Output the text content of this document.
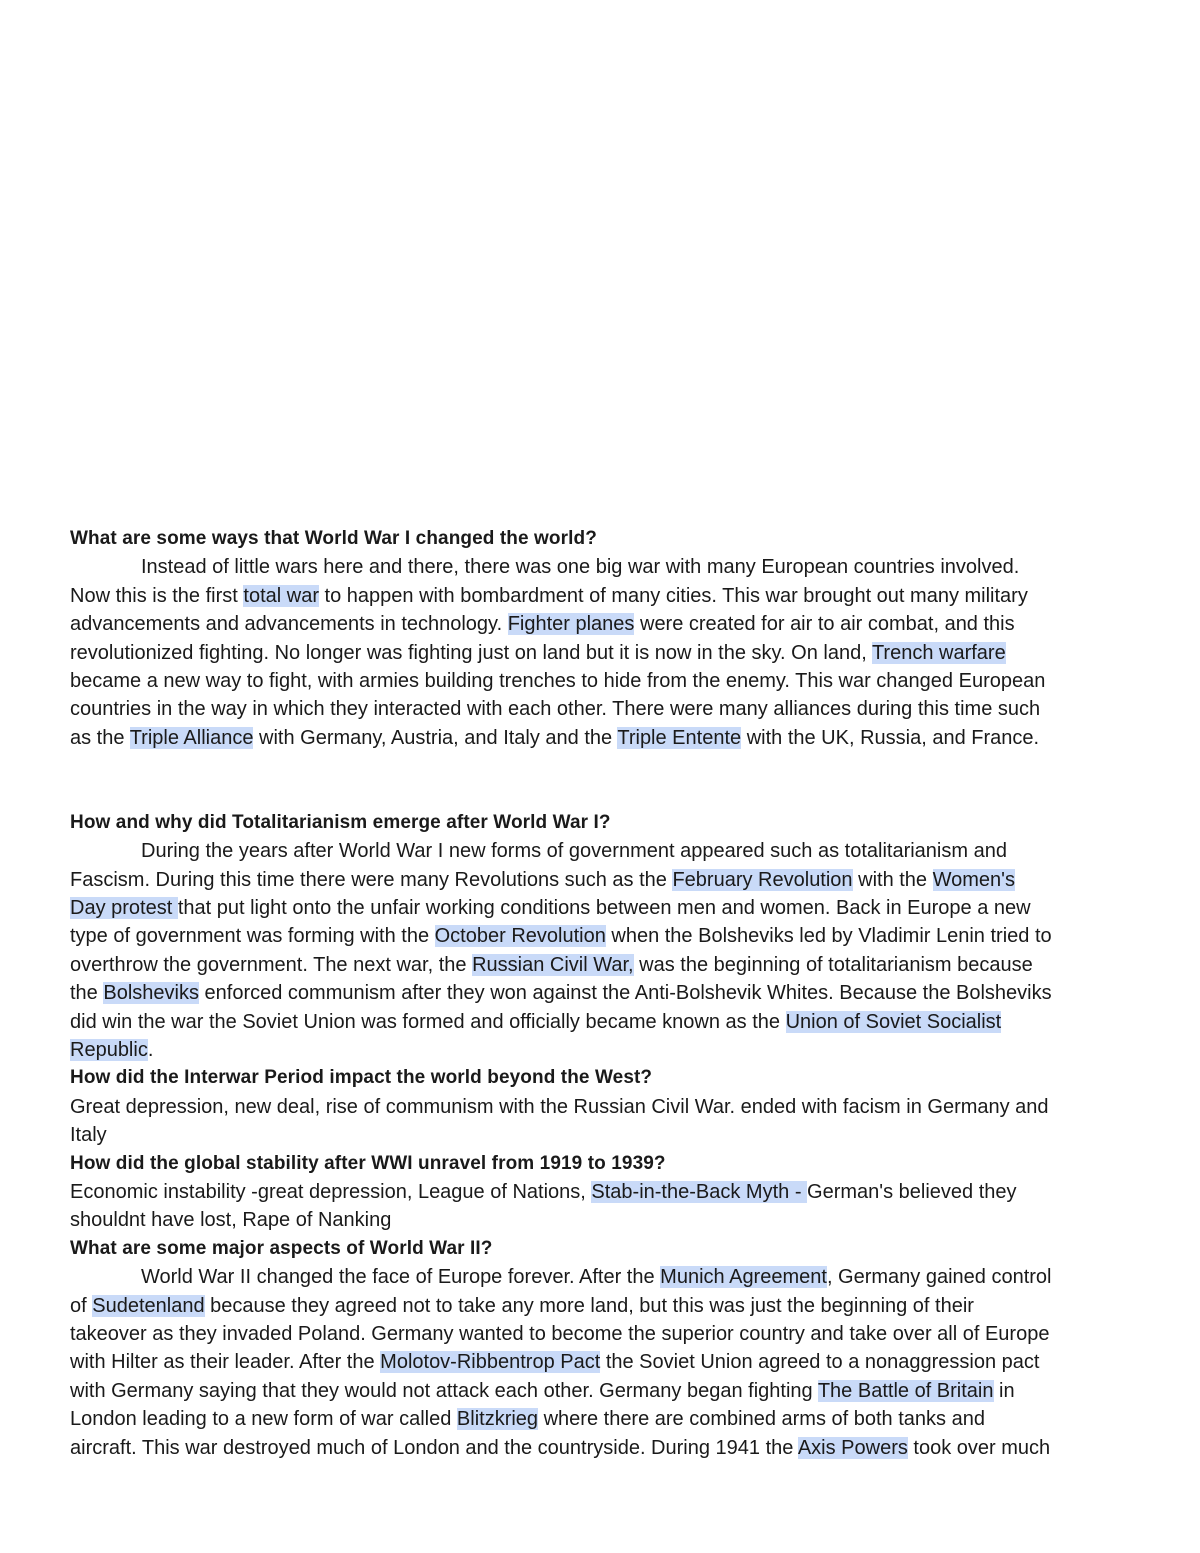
What are some ways that World War I changed the world?
Instead of little wars here and there, there was one big war with many European countries involved.
Now this is the first total war to happen with bombardment of many cities. This war brought out many military
advancements and advancements in technology. Fighter planes were created for air to air combat, and this
revolutionized fighting. No longer was fighting just on land but it is now in the sky. On land, Trench warfare
became a new way to fight, with armies building trenches to hide from the enemy. This war changed European
countries in the way in which they interacted with each other. There were many alliances during this time such
as the Triple Alliance with Germany, Austria, and Italy and the Triple Entente with the UK, Russia, and France.
How and why did Totalitarianism emerge after World War I?
During the years after World War I new forms of government appeared such as totalitarianism and
Fascism. During this time there were many Revolutions such as the February Revolution with the Women's
Day protest that put light onto the unfair working conditions between men and women. Back in Europe a new
type of government was forming with the October Revolution when the Bolsheviks led by Vladimir Lenin tried to
overthrow the government. The next war, the Russian Civil War, was the beginning of totalitarianism because
the Bolsheviks enforced communism after they won against the Anti-Bolshevik Whites. Because the Bolsheviks
did win the war the Soviet Union was formed and officially became known as the Union of Soviet Socialist
Republic.
How did the Interwar Period impact the world beyond the West?
Great depression, new deal, rise of communism with the Russian Civil War. ended with facism in Germany and
Italy
How did the global stability after WWI unravel from 1919 to 1939?
Economic instability -great depression, League of Nations, Stab-in-the-Back Myth - German's believed they
shouldnt have lost, Rape of Nanking
What are some major aspects of World War II?
World War II changed the face of Europe forever. After the Munich Agreement, Germany gained control
of Sudetenland because they agreed not to take any more land, but this was just the beginning of their
takeover as they invaded Poland. Germany wanted to become the superior country and take over all of Europe
with Hilter as their leader. After the Molotov-Ribbentrop Pact the Soviet Union agreed to a nonaggression pact
with Germany saying that they would not attack each other. Germany began fighting The Battle of Britain in
London leading to a new form of war called Blitzkrieg where there are combined arms of both tanks and
aircraft. This war destroyed much of London and the countryside. During 1941 the Axis Powers took over much
